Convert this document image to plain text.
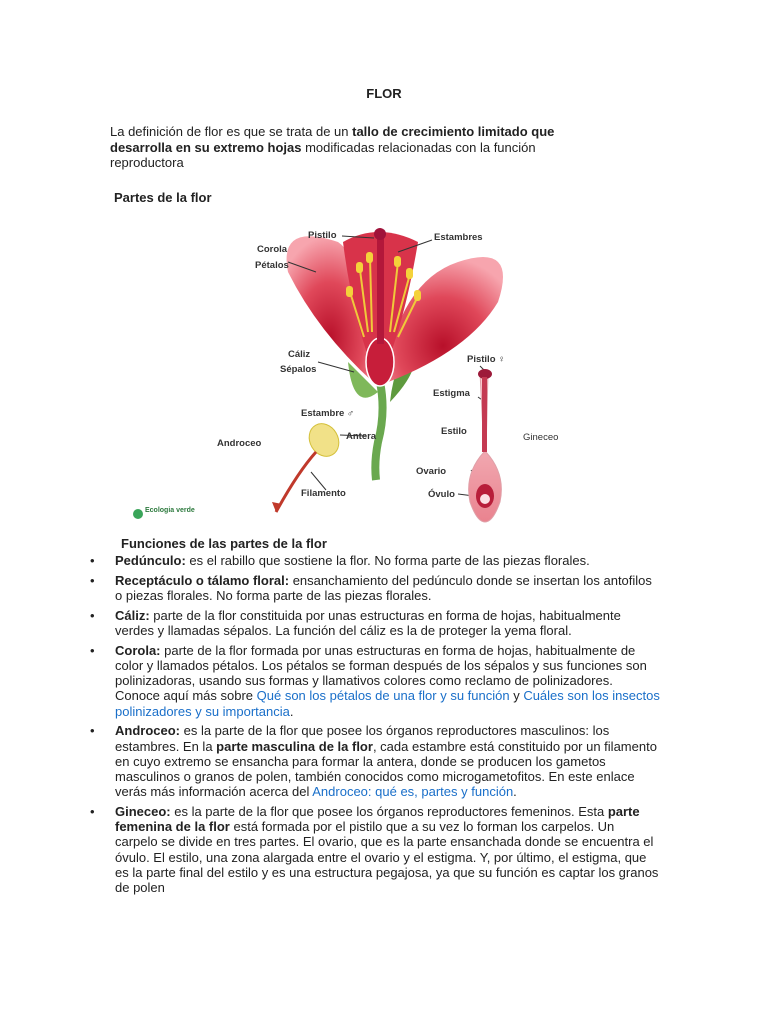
FLOR

La definición de flor es que se trata de un tallo de crecimiento limitado que desarrolla en su extremo hojas modificadas relacionadas con la función reproductora

Partes de la flor
Pistilo	Estambres
Corola
Pétalos
Cáliz
Sépalos
Pistilo ♀
Estigma
Estambre ♂
Antera	Estilo
Gineceo
Androceo
Ovario
Óvulo
Filamento
Ecologia verde
Funciones de las partes de la flor
• Pedúnculo: es el rabillo que sostiene la flor. No forma parte de las piezas florales.
• Receptáculo o tálamo floral: ensanchamiento del pedúnculo donde se insertan los antofilos o piezas florales. No forma parte de las piezas florales.
• Cáliz: parte de la flor constituida por unas estructuras en forma de hojas, habitualmente verdes y llamadas sépalos. La función del cáliz es la de proteger la yema floral.
• Corola: parte de la flor formada por unas estructuras en forma de hojas, habitualmente de color y llamados pétalos. Los pétalos se forman después de los sépalos y sus funciones son polinizadoras, usando sus formas y llamativos colores como reclamo de polinizadores. Conoce aquí más sobre Qué son los pétalos de una flor y su función y Cuáles son los insectos polinizadores y su importancia.
• Androceo: es la parte de la flor que posee los órganos reproductores masculinos: los estambres. En la parte masculina de la flor, cada estambre está constituido por un filamento en cuyo extremo se ensancha para formar la antera, donde se producen los gametos masculinos o granos de polen, también conocidos como microgametofitos. En este enlace verás más información acerca del Androceo: qué es, partes y función.
• Gineceo: es la parte de la flor que posee los órganos reproductores femeninos. Esta parte femenina de la flor está formada por el pistilo que a su vez lo forman los carpelos. Un carpelo se divide en tres partes. El ovario, que es la parte ensanchada donde se encuentra el óvulo. El estilo, una zona alargada entre el ovario y el estigma. Y, por último, el estigma, que es la parte final del estilo y es una estructura pegajosa, ya que su función es captar los granos de polen
